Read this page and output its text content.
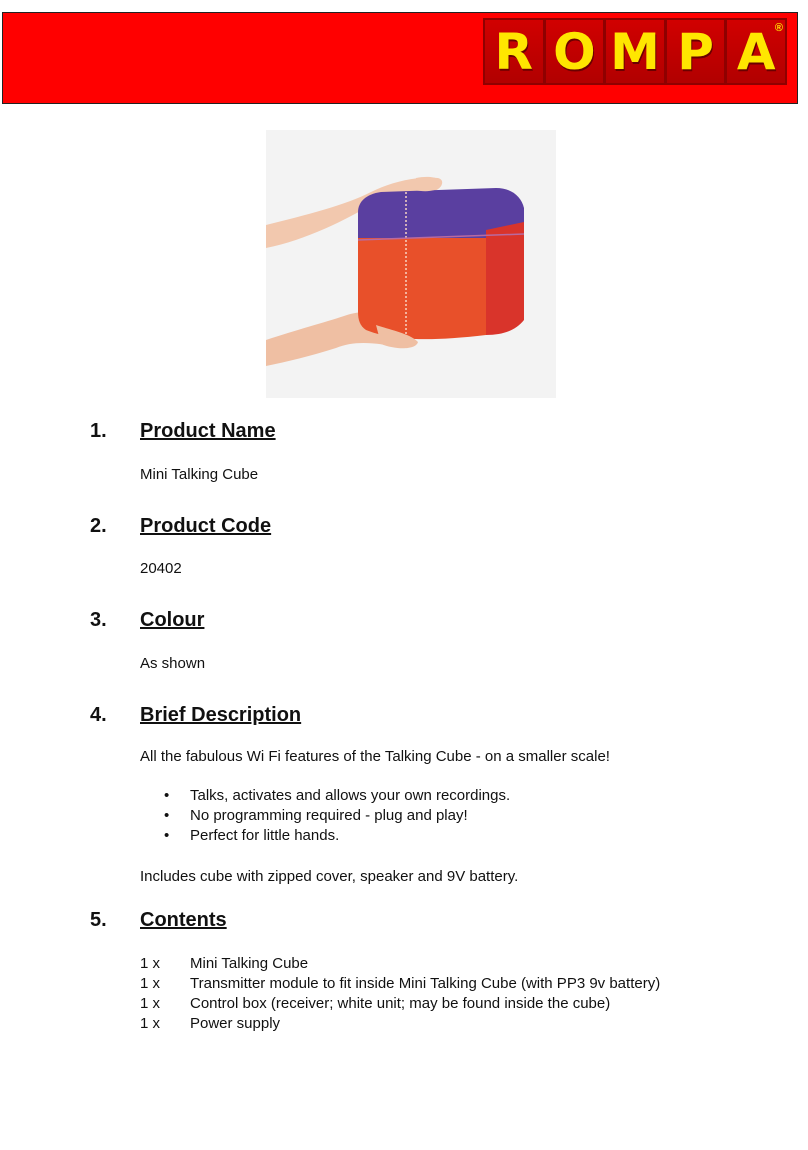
R O M P A ®
1. Product Name
Mini Talking Cube
2. Product Code
20402
3. Colour
As shown
4. Brief Description
All the fabulous Wi Fi features of the Talking Cube - on a smaller scale!
• Talks, activates and allows your own recordings.
• No programming required - plug and play!
• Perfect for little hands.
Includes cube with zipped cover, speaker and 9V battery.
5. Contents
1 x Mini Talking Cube
1 x Transmitter module to fit inside Mini Talking Cube (with PP3 9v battery)
1 x Control box (receiver; white unit; may be found inside the cube)
1 x Power supply
